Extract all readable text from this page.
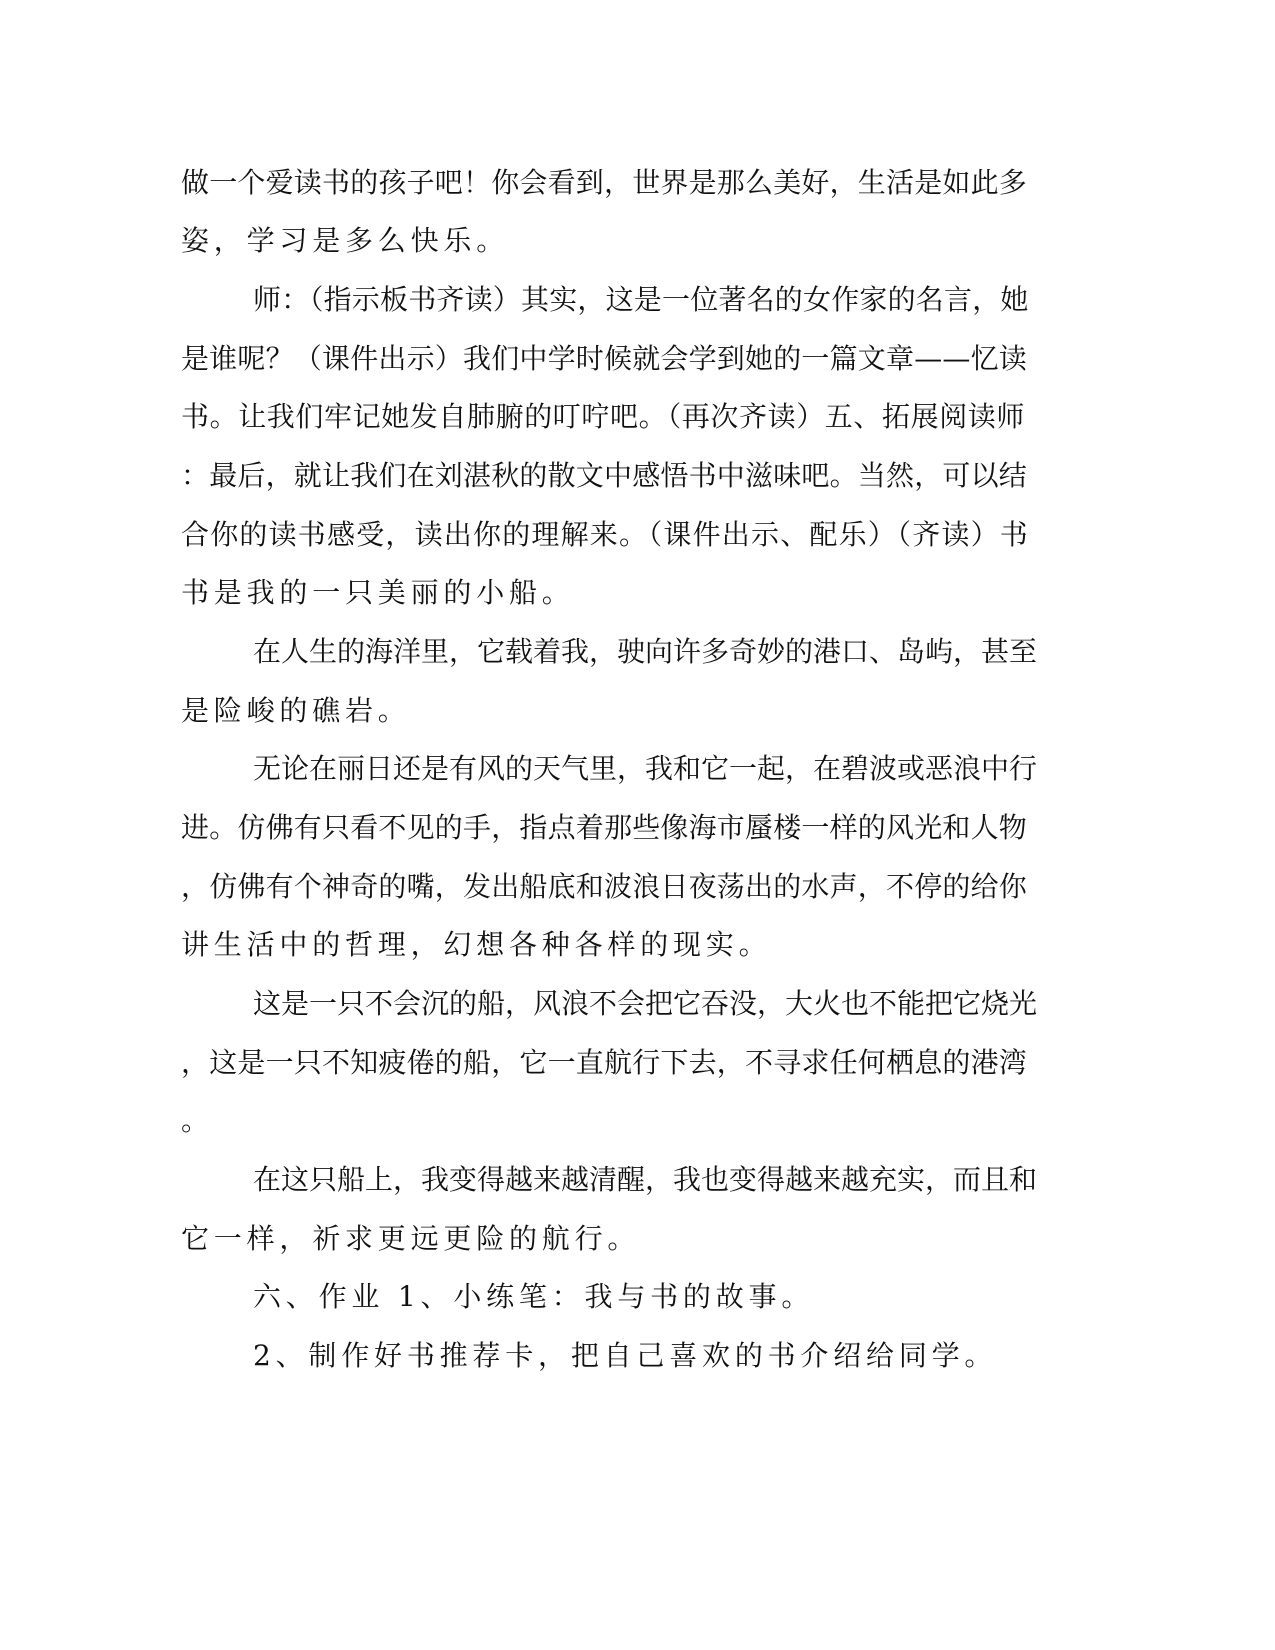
做一个爱读书的孩子吧！你会看到，世界是那么美好，生活是如此多
姿，学习是多么快乐。
师：（指示板书齐读）其实，这是一位著名的女作家的名言，她
是谁呢？（课件出示）我们中学时候就会学到她的一篇文章——忆读
书。让我们牢记她发自肺腑的叮咛吧。（再次齐读）五、拓展阅读师
：最后，就让我们在刘湛秋的散文中感悟书中滋味吧。当然，可以结
合你的读书感受，读出你的理解来。（课件出示、配乐）（齐读）书
书是我的一只美丽的小船。
在人生的海洋里，它载着我，驶向许多奇妙的港口、岛屿，甚至
是险峻的礁岩。
无论在丽日还是有风的天气里，我和它一起，在碧波或恶浪中行
进。仿佛有只看不见的手，指点着那些像海市蜃楼一样的风光和人物
，仿佛有个神奇的嘴，发出船底和波浪日夜荡出的水声，不停的给你
讲生活中的哲理，幻想各种各样的现实。
这是一只不会沉的船，风浪不会把它吞没，大火也不能把它烧光
，这是一只不知疲倦的船，它一直航行下去，不寻求任何栖息的港湾
。
在这只船上，我变得越来越清醒，我也变得越来越充实，而且和
它一样，祈求更远更险的航行。
六、作业 1、小练笔：我与书的故事。
2、制作好书推荐卡，把自己喜欢的书介绍给同学。
